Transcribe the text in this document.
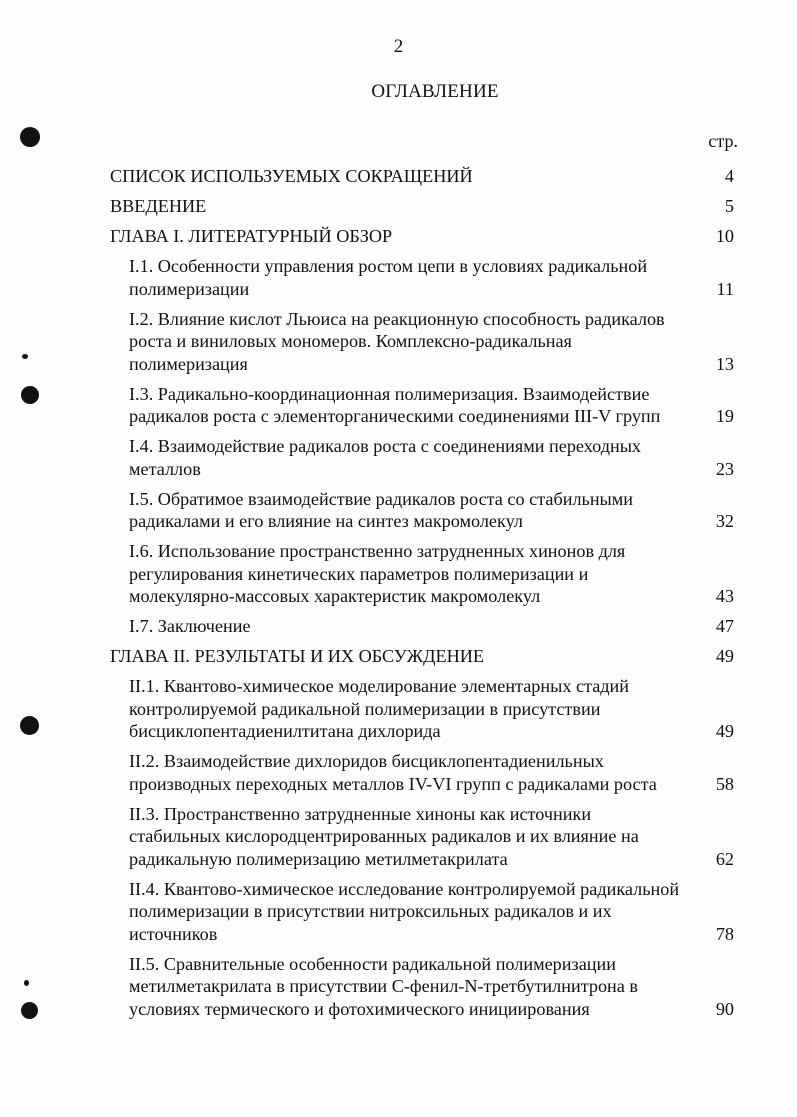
2
ОГЛАВЛЕНИЕ
стр.
СПИСОК ИСПОЛЬЗУЕМЫХ СОКРАЩЕНИЙ	4
ВВЕДЕНИЕ	5
ГЛАВА I. ЛИТЕРАТУРНЫЙ ОБЗОР	10
I.1. Особенности управления ростом цепи в условиях радикальной полимеризации	11
I.2. Влияние кислот Льюиса на реакционную способность радикалов роста и виниловых мономеров. Комплексно-радикальная полимеризация	13
I.3. Радикально-координационная полимеризация. Взаимодействие радикалов роста с элементорганическими соединениями III-V групп	19
I.4. Взаимодействие радикалов роста с соединениями переходных металлов	23
I.5. Обратимое взаимодействие радикалов роста со стабильными радикалами и его влияние на синтез макромолекул	32
I.6. Использование пространственно затрудненных хинонов для регулирования кинетических параметров полимеризации и молекулярно-массовых характеристик макромолекул	43
I.7. Заключение	47
ГЛАВА II. РЕЗУЛЬТАТЫ И ИХ ОБСУЖДЕНИЕ	49
II.1. Квантово-химическое моделирование элементарных стадий контролируемой радикальной полимеризации в присутствии бисциклопентадиенилтитана дихлорида	49
II.2. Взаимодействие дихлоридов бисциклопентадиенильных производных переходных металлов IV-VI групп с радикалами роста	58
II.3. Пространственно затрудненные хиноны как источники стабильных кислородцентрированных радикалов и их влияние на радикальную полимеризацию метилметакрилата	62
II.4. Квантово-химическое исследование контролируемой радикальной полимеризации в присутствии нитроксильных радикалов и их источников	78
II.5. Сравнительные особенности радикальной полимеризации метилметакрилата в присутствии С-фенил-N-третбутилнитрона в условиях термического и фотохимического инициирования	90
